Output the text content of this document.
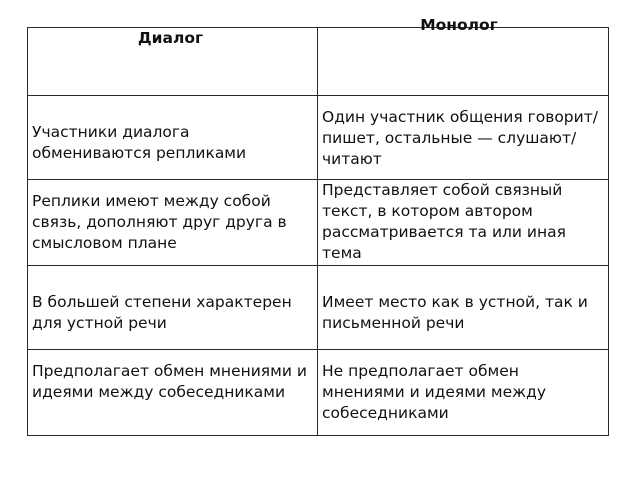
Диалог	Монолог
Участники диалога обмениваются репликами	Один участник общения говорит/пишет, остальные — слушают/читают
Реплики имеют между собой связь, дополняют друг друга в смысловом плане	Представляет собой связный текст, в котором автором рассматривается та или иная тема
В большей степени характерен для устной речи	Имеет место как в устной, так и письменной речи
Предполагает обмен мнениями и идеями между собеседниками	Не предполагает обмен мнениями и идеями между собеседниками
